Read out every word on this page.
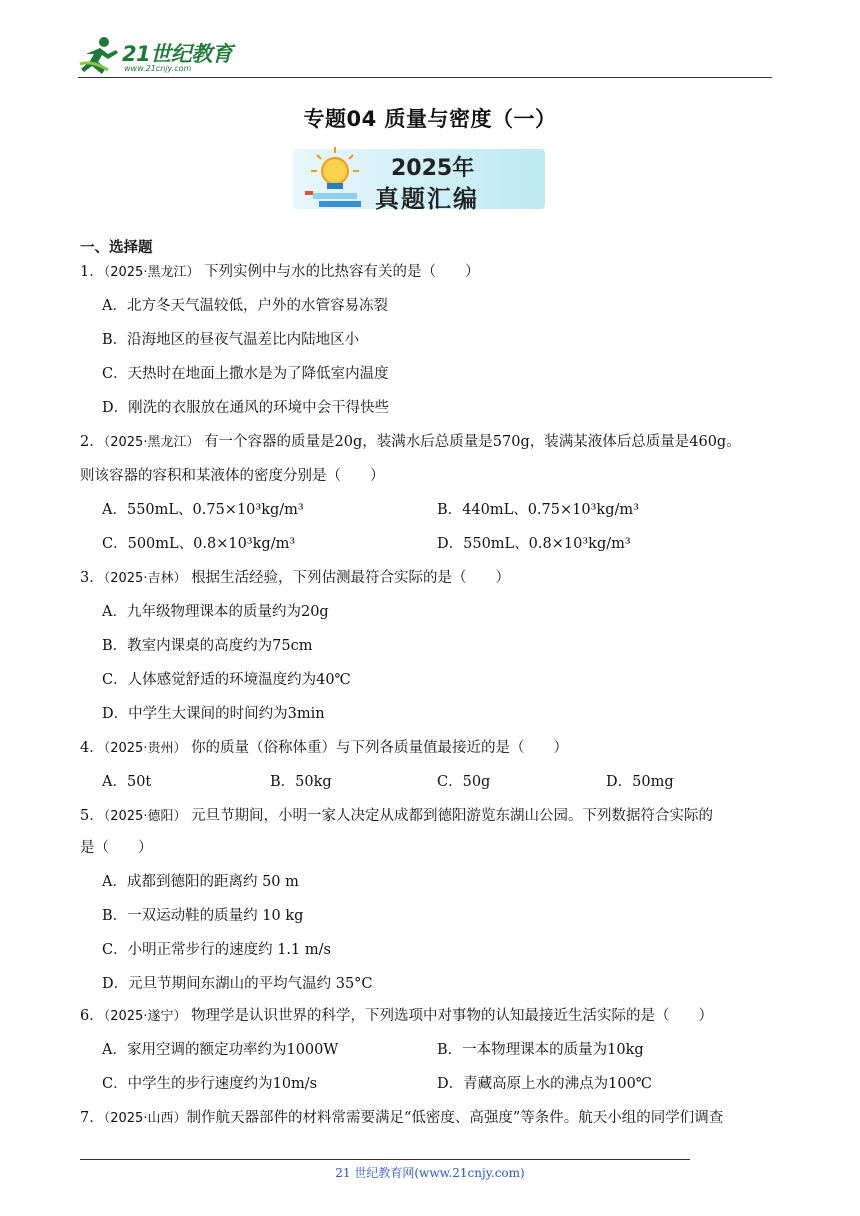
21世纪教育
www.21cnjy.com
专题04 质量与密度（一）
2025年
真题汇编
一、选择题
1．（2025·黑龙江） 下列实例中与水的比热容有关的是（　　）
A．北方冬天气温较低，户外的水管容易冻裂
B．沿海地区的昼夜气温差比内陆地区小
C．天热时在地面上撒水是为了降低室内温度
D．刚洗的衣服放在通风的环境中会干得快些
2．（2025·黑龙江） 有一个容器的质量是20g，装满水后总质量是570g，装满某液体后总质量是460g。
则该容器的容积和某液体的密度分别是（　　）
A．550mL、0.75×10³kg/m³	B．440mL、0.75×10³kg/m³
C．500mL、0.8×10³kg/m³	D．550mL、0.8×10³kg/m³
3．（2025·吉林） 根据生活经验，下列估测最符合实际的是（　　）
A．九年级物理课本的质量约为20g
B．教室内课桌的高度约为75cm
C．人体感觉舒适的环境温度约为40℃
D．中学生大课间的时间约为3min
4．（2025·贵州） 你的质量（俗称体重）与下列各质量值最接近的是（　　）
A．50t	B．50kg	C．50g	D．50mg
5．（2025·德阳） 元旦节期间，小明一家人决定从成都到德阳游览东湖山公园。下列数据符合实际的
是（　　）
A．成都到德阳的距离约 50 m
B．一双运动鞋的质量约 10 kg
C．小明正常步行的速度约 1.1 m/s
D．元旦节期间东湖山的平均气温约 35°C
6．（2025·遂宁） 物理学是认识世界的科学，下列选项中对事物的认知最接近生活实际的是（　　）
A．家用空调的额定功率约为1000W	B．一本物理课本的质量为10kg
C．中学生的步行速度约为10m/s	D．青藏高原上水的沸点为100℃
7．（2025·山西）制作航天器部件的材料常需要满足“低密度、高强度”等条件。航天小组的同学们调查
21 世纪教育网(www.21cnjy.com)
